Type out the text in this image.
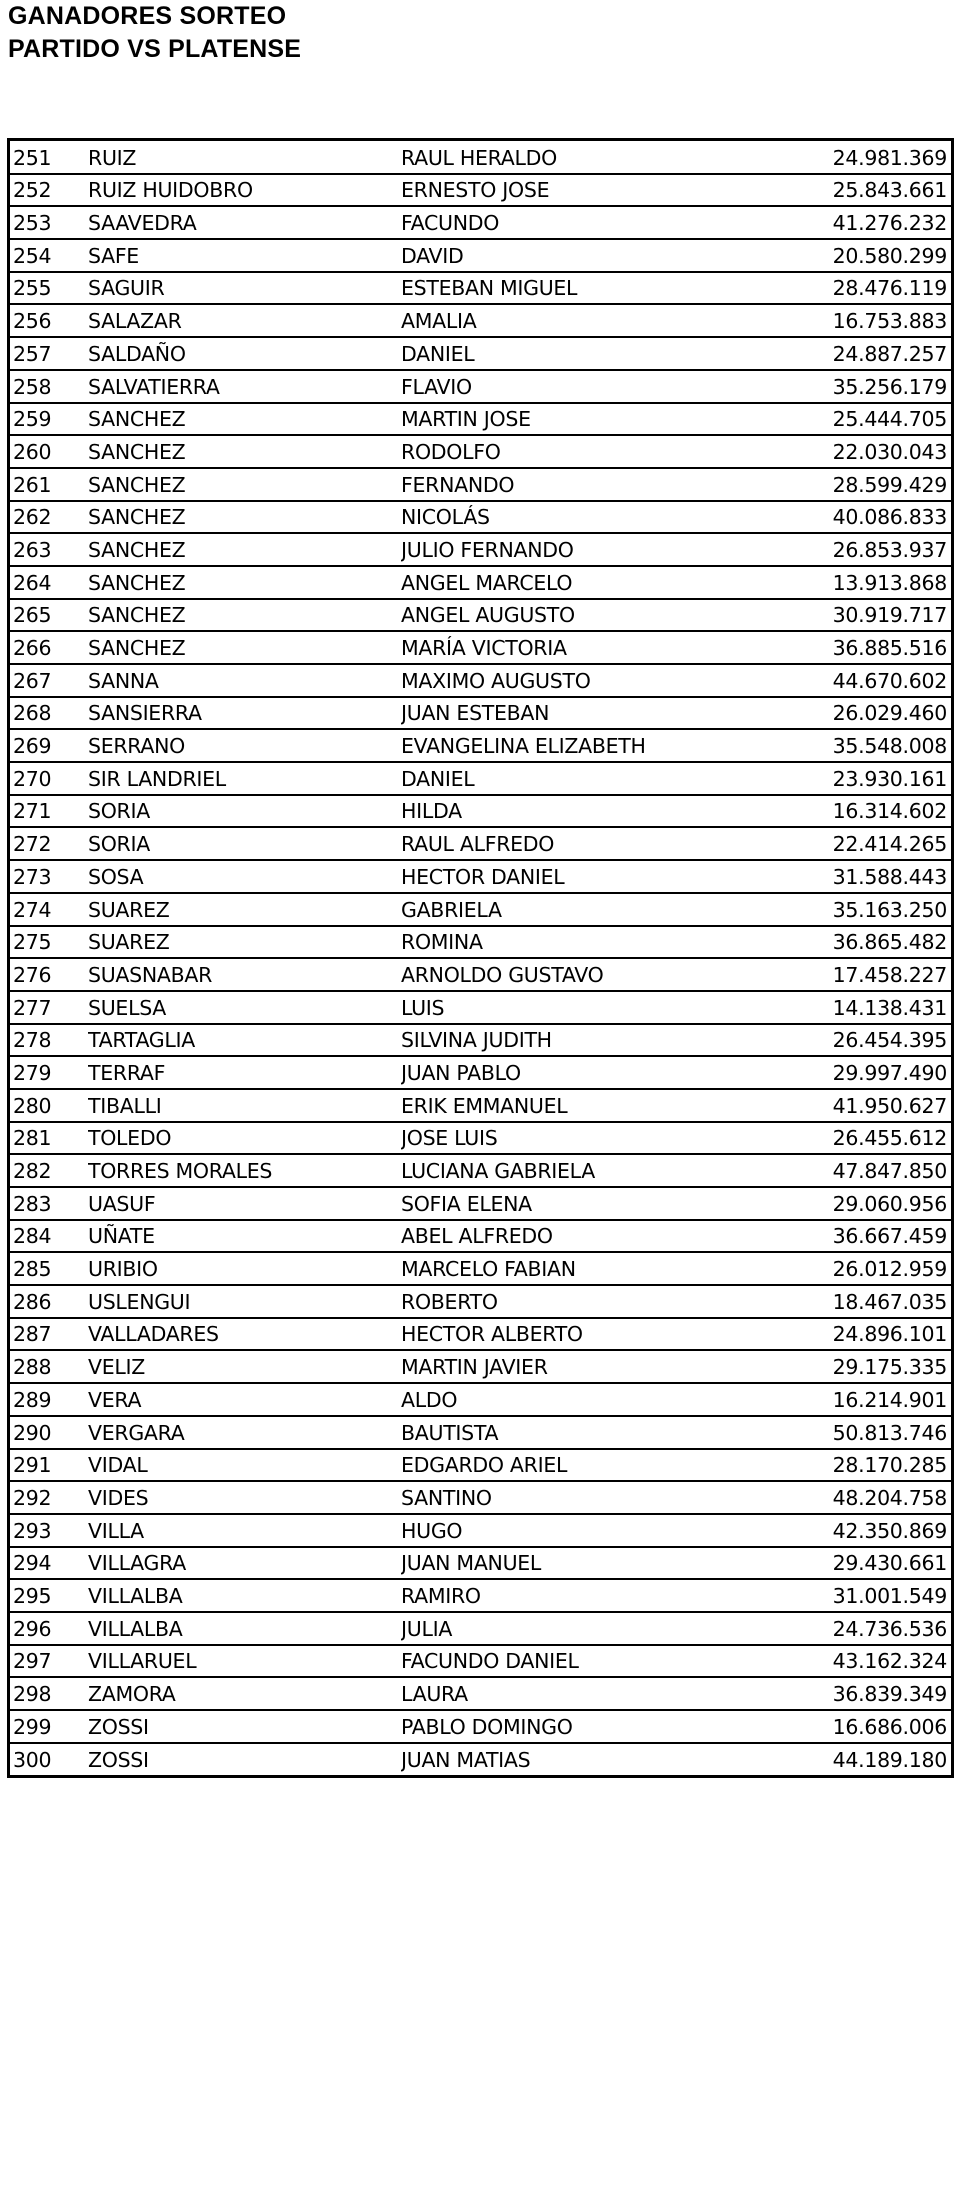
GANADORES SORTEO
PARTIDO VS PLATENSE
251	RUIZ	RAUL HERALDO	24.981.369
252	RUIZ HUIDOBRO	ERNESTO JOSE	25.843.661
253	SAAVEDRA	FACUNDO	41.276.232
254	SAFE	DAVID	20.580.299
255	SAGUIR	ESTEBAN MIGUEL	28.476.119
256	SALAZAR	AMALIA	16.753.883
257	SALDAÑO	DANIEL	24.887.257
258	SALVATIERRA	FLAVIO	35.256.179
259	SANCHEZ	MARTIN JOSE	25.444.705
260	SANCHEZ	RODOLFO	22.030.043
261	SANCHEZ	FERNANDO	28.599.429
262	SANCHEZ	NICOLÁS	40.086.833
263	SANCHEZ	JULIO FERNANDO	26.853.937
264	SANCHEZ	ANGEL MARCELO	13.913.868
265	SANCHEZ	ANGEL AUGUSTO	30.919.717
266	SANCHEZ	MARÍA VICTORIA	36.885.516
267	SANNA	MAXIMO AUGUSTO	44.670.602
268	SANSIERRA	JUAN ESTEBAN	26.029.460
269	SERRANO	EVANGELINA ELIZABETH	35.548.008
270	SIR LANDRIEL	DANIEL	23.930.161
271	SORIA	HILDA	16.314.602
272	SORIA	RAUL ALFREDO	22.414.265
273	SOSA	HECTOR DANIEL	31.588.443
274	SUAREZ	GABRIELA	35.163.250
275	SUAREZ	ROMINA	36.865.482
276	SUASNABAR	ARNOLDO GUSTAVO	17.458.227
277	SUELSA	LUIS	14.138.431
278	TARTAGLIA	SILVINA JUDITH	26.454.395
279	TERRAF	JUAN PABLO	29.997.490
280	TIBALLI	ERIK EMMANUEL	41.950.627
281	TOLEDO	JOSE LUIS	26.455.612
282	TORRES MORALES	LUCIANA GABRIELA	47.847.850
283	UASUF	SOFIA ELENA	29.060.956
284	UÑATE	ABEL ALFREDO	36.667.459
285	URIBIO	MARCELO FABIAN	26.012.959
286	USLENGUI	ROBERTO	18.467.035
287	VALLADARES	HECTOR ALBERTO	24.896.101
288	VELIZ	MARTIN JAVIER	29.175.335
289	VERA	ALDO	16.214.901
290	VERGARA	BAUTISTA	50.813.746
291	VIDAL	EDGARDO ARIEL	28.170.285
292	VIDES	SANTINO	48.204.758
293	VILLA	HUGO	42.350.869
294	VILLAGRA	JUAN MANUEL	29.430.661
295	VILLALBA	RAMIRO	31.001.549
296	VILLALBA	JULIA	24.736.536
297	VILLARUEL	FACUNDO DANIEL	43.162.324
298	ZAMORA	LAURA	36.839.349
299	ZOSSI	PABLO DOMINGO	16.686.006
300	ZOSSI	JUAN MATIAS	44.189.180
